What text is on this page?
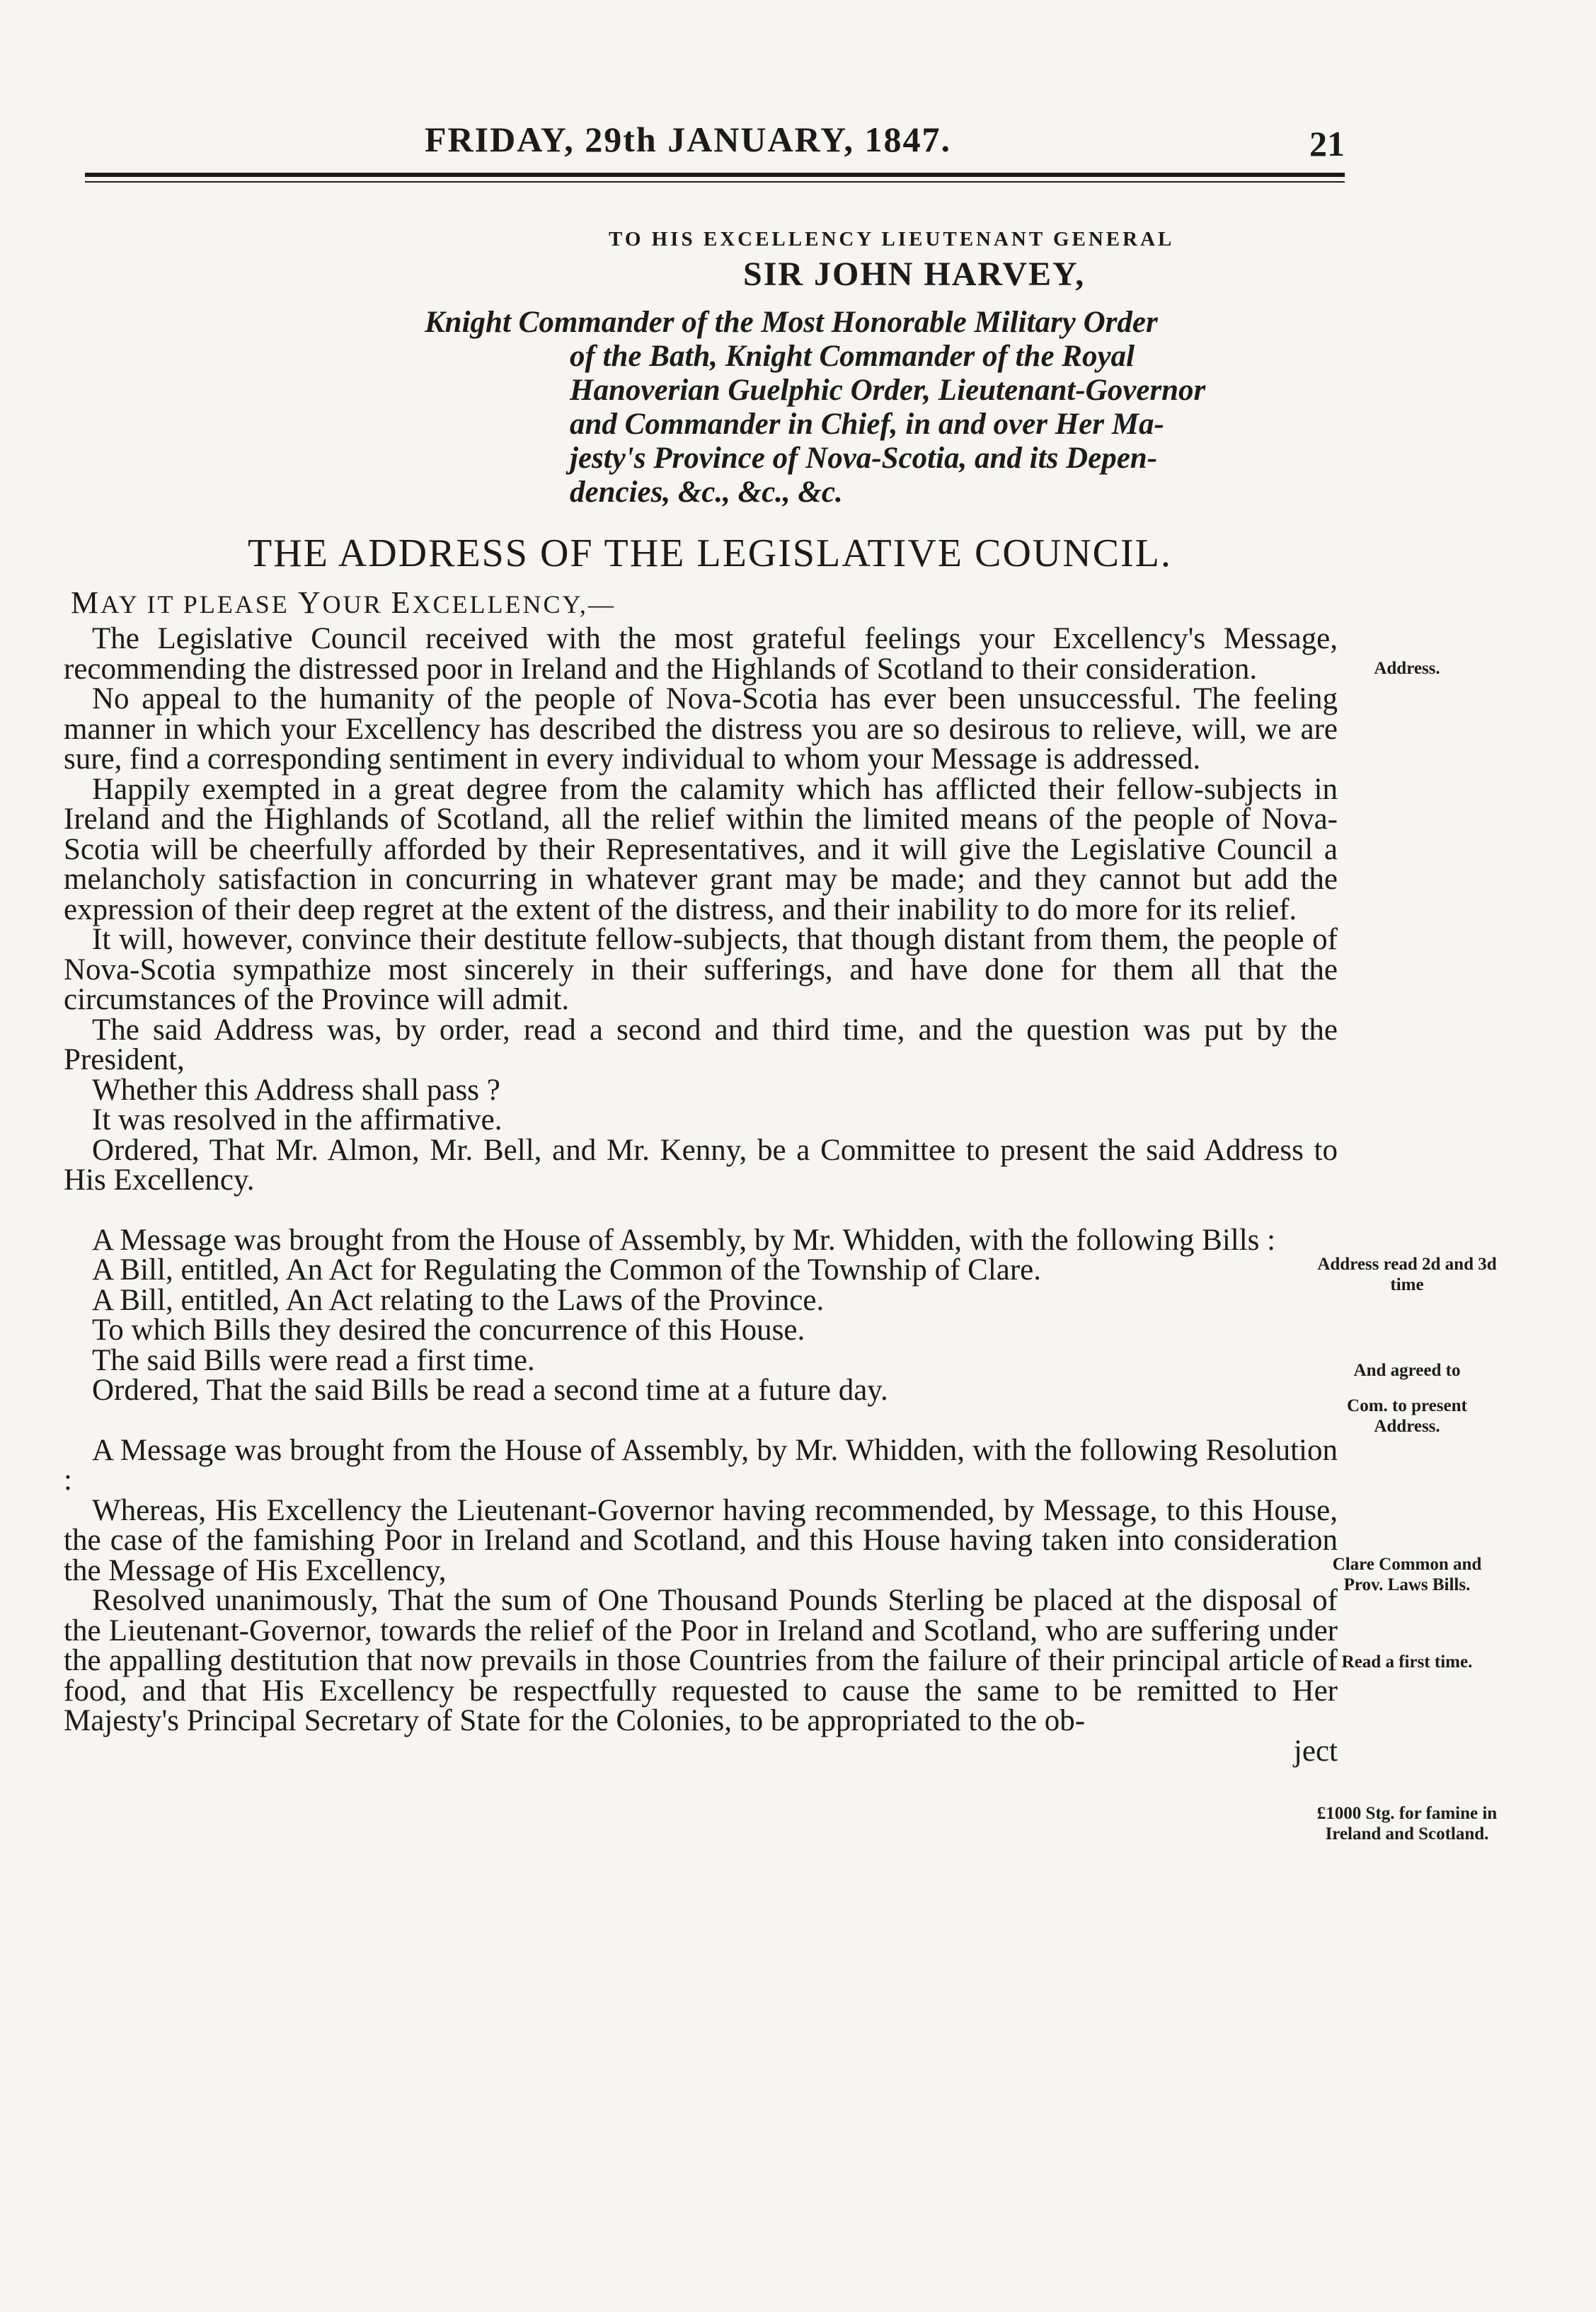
FRIDAY, 29th JANUARY, 1847.	21
TO HIS EXCELLENCY LIEUTENANT GENERAL
SIR JOHN HARVEY,
Knight Commander of the Most Honorable Military Order
of the Bath, Knight Commander of the Royal
Hanoverian Guelphic Order, Lieutenant-Governor
and Commander in Chief, in and over Her Ma-
jesty's Province of Nova-Scotia, and its Depen-
dencies, &c., &c., &c.
THE ADDRESS OF THE LEGISLATIVE COUNCIL.
MAY IT PLEASE YOUR EXCELLENCY,—

The Legislative Council received with the most grateful feelings your Excellency's Message, recommending the distressed poor in Ireland and the Highlands of Scotland to their consideration.

No appeal to the humanity of the people of Nova-Scotia has ever been unsuccessful. The feeling manner in which your Excellency has described the distress you are so desirous to relieve, will, we are sure, find a corresponding sentiment in every individual to whom your Message is addressed.

Happily exempted in a great degree from the calamity which has afflicted their fellow-subjects in Ireland and the Highlands of Scotland, all the relief within the limited means of the people of Nova-Scotia will be cheerfully afforded by their Representatives, and it will give the Legislative Council a melancholy satisfaction in concurring in whatever grant may be made; and they cannot but add the expression of their deep regret at the extent of the distress, and their inability to do more for its relief.

It will, however, convince their destitute fellow-subjects, that though distant from them, the people of Nova-Scotia sympathize most sincerely in their sufferings, and have done for them all that the circumstances of the Province will admit.

The said Address was, by order, read a second and third time, and the question was put by the President,

Whether this Address shall pass ?

It was resolved in the affirmative.

Ordered, That Mr. Almon, Mr. Bell, and Mr. Kenny, be a Committee to present the said Address to His Excellency.

A Message was brought from the House of Assembly, by Mr. Whidden, with the following Bills :

A Bill, entitled, An Act for Regulating the Common of the Township of Clare.

A Bill, entitled, An Act relating to the Laws of the Province.

To which Bills they desired the concurrence of this House.

The said Bills were read a first time.

Ordered, That the said Bills be read a second time at a future day.

A Message was brought from the House of Assembly, by Mr. Whidden, with the following Resolution :

Whereas, His Excellency the Lieutenant-Governor having recommended, by Message, to this House, the case of the famishing Poor in Ireland and Scotland, and this House having taken into consideration the Message of His Excellency,

Resolved unanimously, That the sum of One Thousand Pounds Sterling be placed at the disposal of the Lieutenant-Governor, towards the relief of the Poor in Ireland and Scotland, who are suffering under the appalling destitution that now prevails in those Countries from the failure of their principal article of food, and that His Excellency be respectfully requested to cause the same to be remitted to Her Majesty's Principal Secretary of State for the Colonies, to be appropriated to the ob-

ject
Address.
Address read 2d and 3d time
And agreed to
Com. to present Address.
Clare Common and Prov. Laws Bills.
Read a first time.
£1000 Stg. for famine in Ireland and Scotland.
